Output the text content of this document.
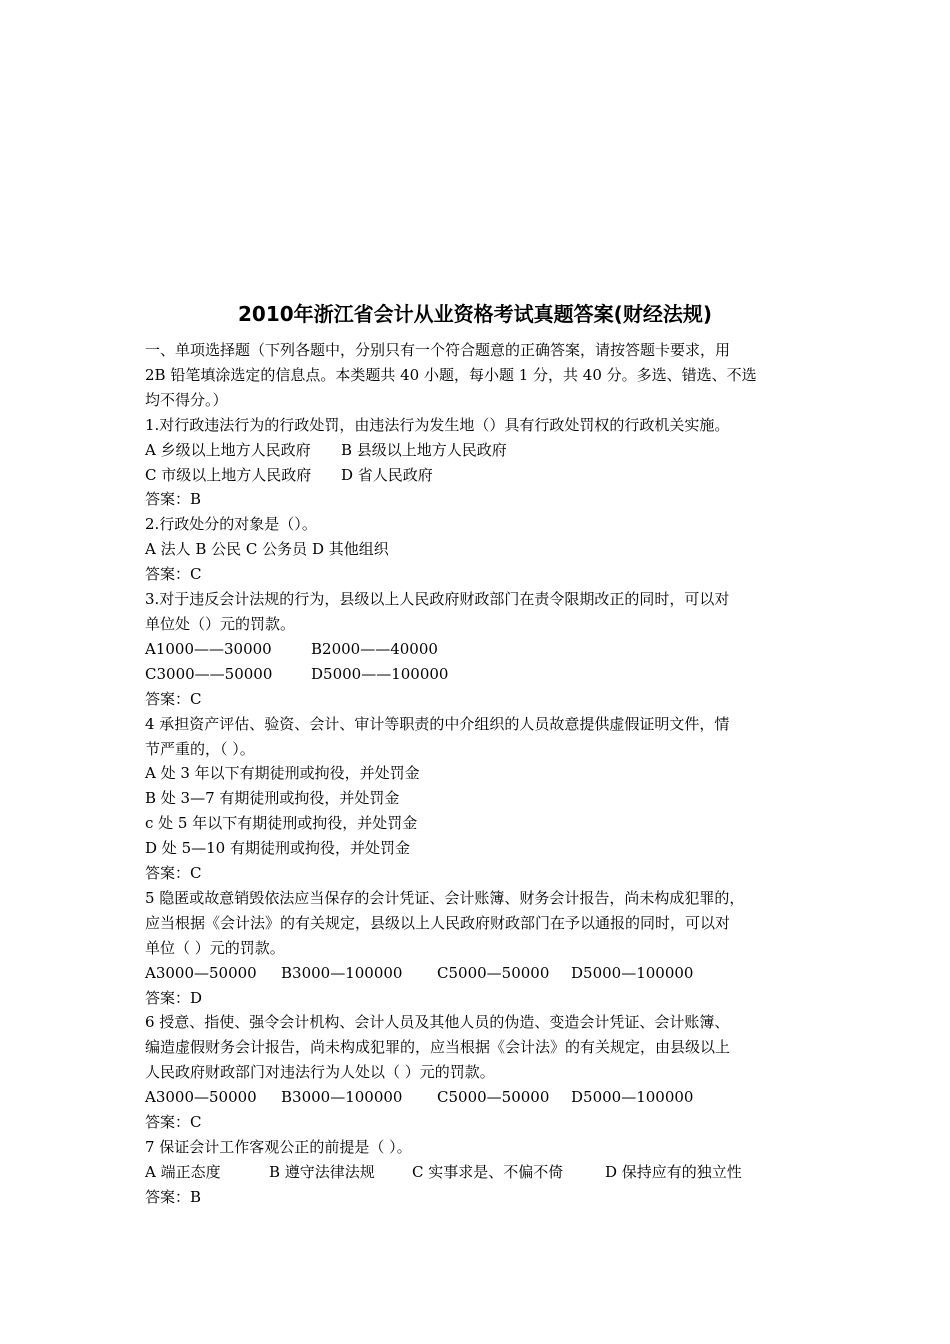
2010年浙江省会计从业资格考试真题答案(财经法规)

一、单项选择题（下列各题中，分别只有一个符合题意的正确答案，请按答题卡要求，用

2B 铅笔填涂选定的信息点。本类题共 40 小题，每小题 1 分，共 40 分。多选、错选、不选

均不得分。）

1.对行政违法行为的行政处罚，由违法行为发生地（）具有行政处罚权的行政机关实施。

A 乡级以上地方人民政府 B 县级以上地方人民政府

C 市级以上地方人民政府 D 省人民政府

答案：B

2.行政处分的对象是（）。

A 法人 B 公民 C 公务员 D 其他组织

答案：C

3.对于违反会计法规的行为，县级以上人民政府财政部门在责令限期改正的同时，可以对

单位处（）元的罚款。

A1000——30000	B2000——40000

C3000——50000	D5000——100000

答案：C

4 承担资产评估、验资、会计、审计等职责的中介组织的人员故意提供虚假证明文件，情

节严重的，（ ）。

A 处 3 年以下有期徒刑或拘役，并处罚金

B 处 3—7 有期徒刑或拘役，并处罚金

c 处 5 年以下有期徒刑或拘役，并处罚金

D 处 5—10 有期徒刑或拘役，并处罚金

答案：C

5 隐匿或故意销毁依法应当保存的会计凭证、会计账簿、财务会计报告，尚未构成犯罪的，

应当根据《会计法》的有关规定，县级以上人民政府财政部门在予以通报的同时，可以对

单位（ ）元的罚款。

A3000—50000 B3000—100000 C5000—50000 D5000—100000

答案：D

6 授意、指使、强令会计机构、会计人员及其他人员的伪造、变造会计凭证、会计账簿、

编造虚假财务会计报告，尚未构成犯罪的，应当根据《会计法》的有关规定，由县级以上

人民政府财政部门对违法行为人处以（ ）元的罚款。

A3000—50000 B3000—100000 C5000—50000 D5000—100000

答案：C

7 保证会计工作客观公正的前提是（ ）。

A 端正态度	B 遵守法律法规 C 实事求是、不偏不倚	D 保持应有的独立性

答案：B
